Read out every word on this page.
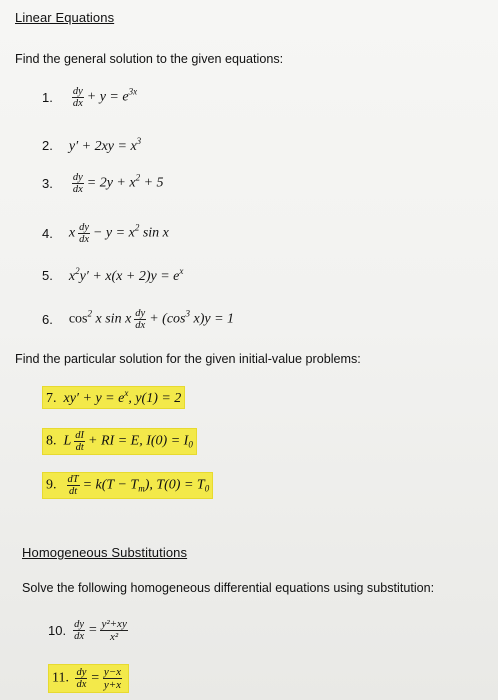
Linear Equations
Find the general solution to the given equations:
1. $\frac{dy}{dx} + y = e^{3x}$
2. $y' + 2xy = x^3$
3. $\frac{dy}{dx} = 2y + x^2 + 5$
4. x $\frac{dy}{dx} - y = x^2$ sin x
5. $x^2y' + x(x + 2)y = e^x$
6. $\cos^2 x$ sin x $\frac{dy}{dx} + (\cos^3$ x)y = 1
Find the particular solution for the given initial-value problems:
7. $xy' + y = e^x$, y(1) = 2
8. L $\frac{dI}{dt}$ + RI = E, $I(0) = I_0$
9. $\frac{dT}{dt} = k(T - T_m)$, $T(0) = T_0$
Homogeneous Substitutions
Solve the following homogeneous differential equations using substitution:
10. $\frac{dy}{dx} = \frac{\text{y²+xy}}{\text{x²}}$
11. $\frac{dy}{dx} = \frac{y-x}{y+x}$
